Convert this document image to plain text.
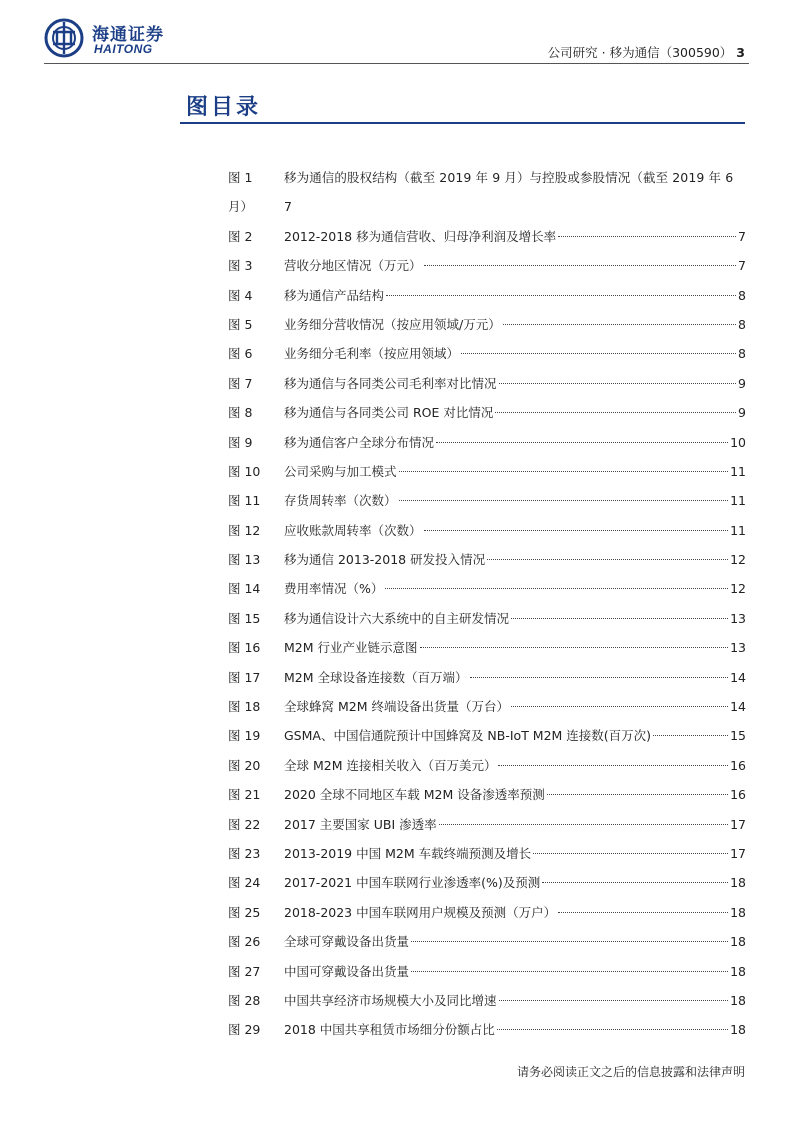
海通证券
HAITONG	公司研究 · 移为通信（300590） 3
图目录
图 1	移为通信的股权结构（截至 2019 年 9 月）与控股或参股情况（截至 2019 年 6
月） 7
图 2	2012-2018 移为通信营收、归母净利润及增长率	7
图 3	营收分地区情况（万元）	7
图 4	移为通信产品结构	8
图 5	业务细分营收情况（按应用领域/万元）	8
图 6	业务细分毛利率（按应用领域）	8
图 7	移为通信与各同类公司毛利率对比情况	9
图 8	移为通信与各同类公司 ROE 对比情况	9
图 9	移为通信客户全球分布情况	10
图 10 公司采购与加工模式	11
图 11 存货周转率（次数）	11
图 12 应收账款周转率（次数）	11
图 13 移为通信 2013-2018 研发投入情况	12
图 14 费用率情况（%）	12
图 15 移为通信设计六大系统中的自主研发情况	13
图 16 M2M 行业产业链示意图	13
图 17 M2M 全球设备连接数（百万端）	14
图 18 全球蜂窝 M2M 终端设备出货量（万台）	14
图 19 GSMA、中国信通院预计中国蜂窝及 NB-IoT M2M 连接数(百万次)	15
图 20 全球 M2M 连接相关收入（百万美元）	16
图 21 2020 全球不同地区车载 M2M 设备渗透率预测	16
图 22 2017 主要国家 UBI 渗透率	17
图 23 2013-2019 中国 M2M 车载终端预测及增长	17
图 24 2017-2021 中国车联网行业渗透率(%)及预测	18
图 25 2018-2023 中国车联网用户规模及预测（万户）	18
图 26 全球可穿戴设备出货量	18
图 27 中国可穿戴设备出货量	18
图 28 中国共享经济市场规模大小及同比增速	18
图 29 2018 中国共享租赁市场细分份额占比	18
请务必阅读正文之后的信息披露和法律声明
